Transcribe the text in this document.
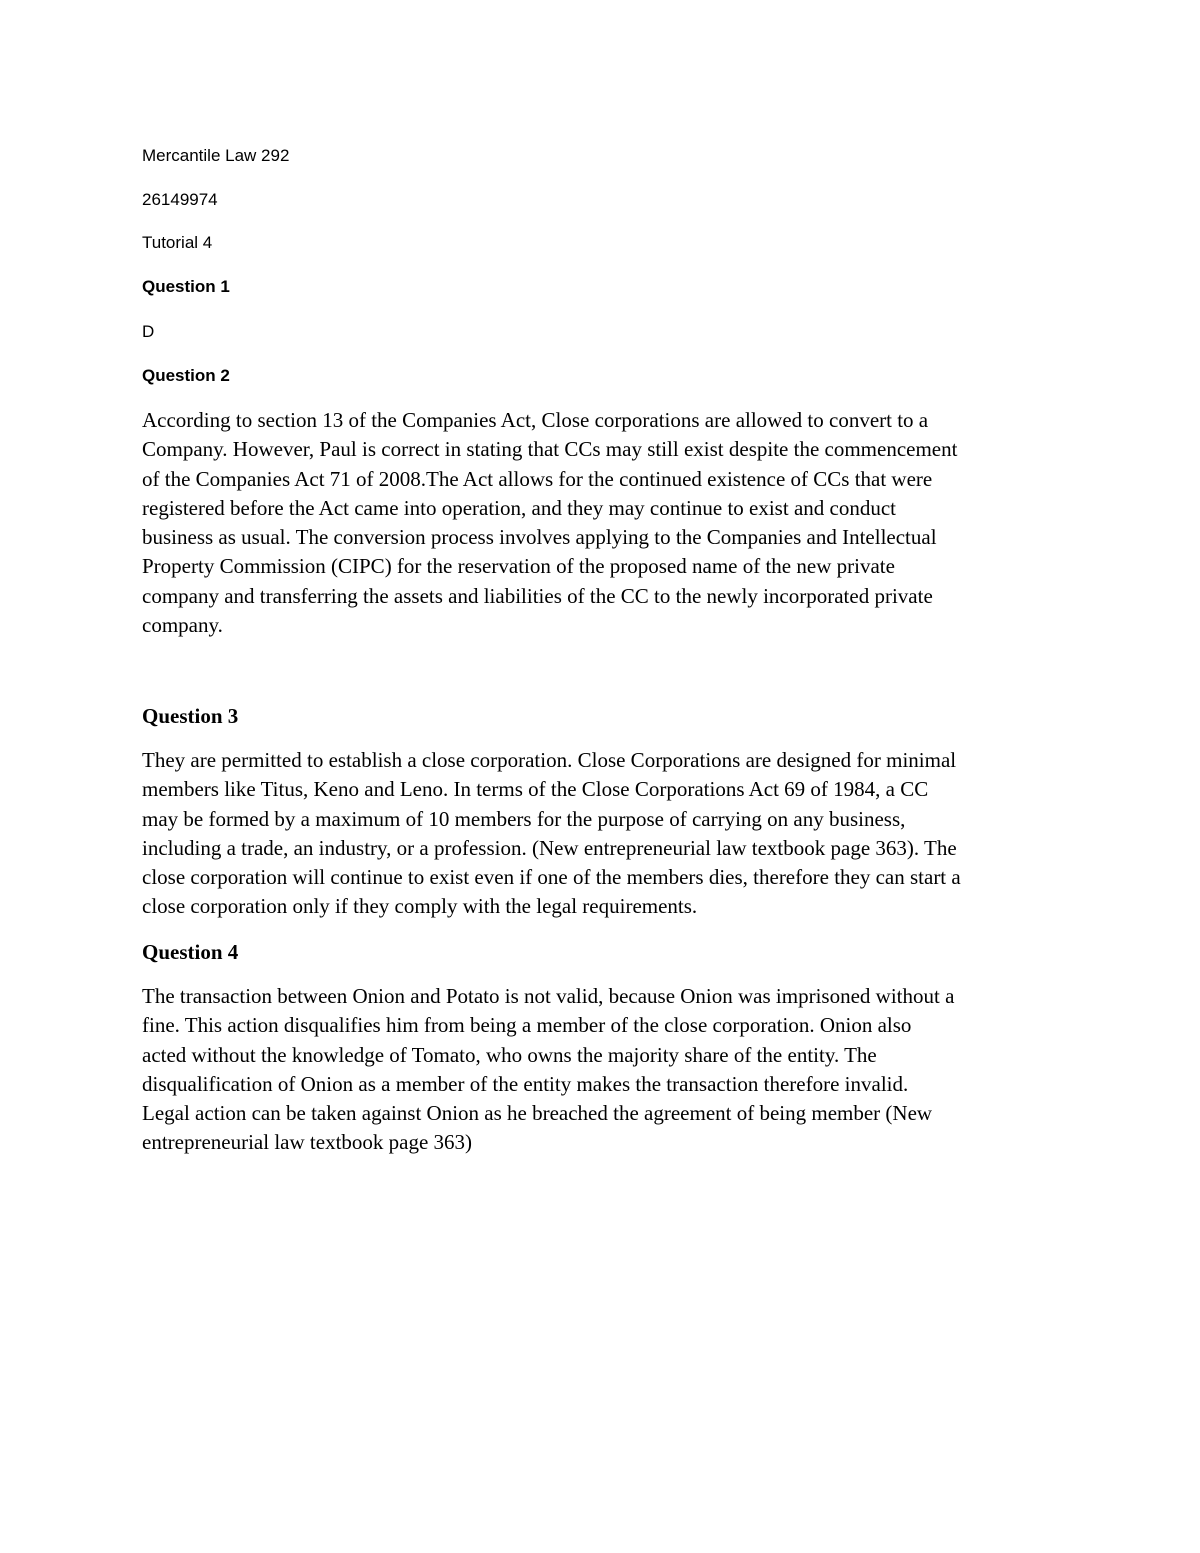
Mercantile Law 292

26149974

Tutorial 4

Question 1

D

Question 2

According to section 13 of the Companies Act, Close corporations are allowed to convert to a
Company. However, Paul is correct in stating that CCs may still exist despite the commencement
of the Companies Act 71 of 2008.The Act allows for the continued existence of CCs that were
registered before the Act came into operation, and they may continue to exist and conduct
business as usual. The conversion process involves applying to the Companies and Intellectual
Property Commission (CIPC) for the reservation of the proposed name of the new private
company and transferring the assets and liabilities of the CC to the newly incorporated private
company.

Question 3

They are permitted to establish a close corporation. Close Corporations are designed for minimal
members like Titus, Keno and Leno. In terms of the Close Corporations Act 69 of 1984, a CC
may be formed by a maximum of 10 members for the purpose of carrying on any business,
including a trade, an industry, or a profession. (New entrepreneurial law textbook page 363). The
close corporation will continue to exist even if one of the members dies, therefore they can start a
close corporation only if they comply with the legal requirements.

Question 4

The transaction between Onion and Potato is not valid, because Onion was imprisoned without a
fine. This action disqualifies him from being a member of the close corporation. Onion also
acted without the knowledge of Tomato, who owns the majority share of the entity. The
disqualification of Onion as a member of the entity makes the transaction therefore invalid.
Legal action can be taken against Onion as he breached the agreement of being member (New
entrepreneurial law textbook page 363)
